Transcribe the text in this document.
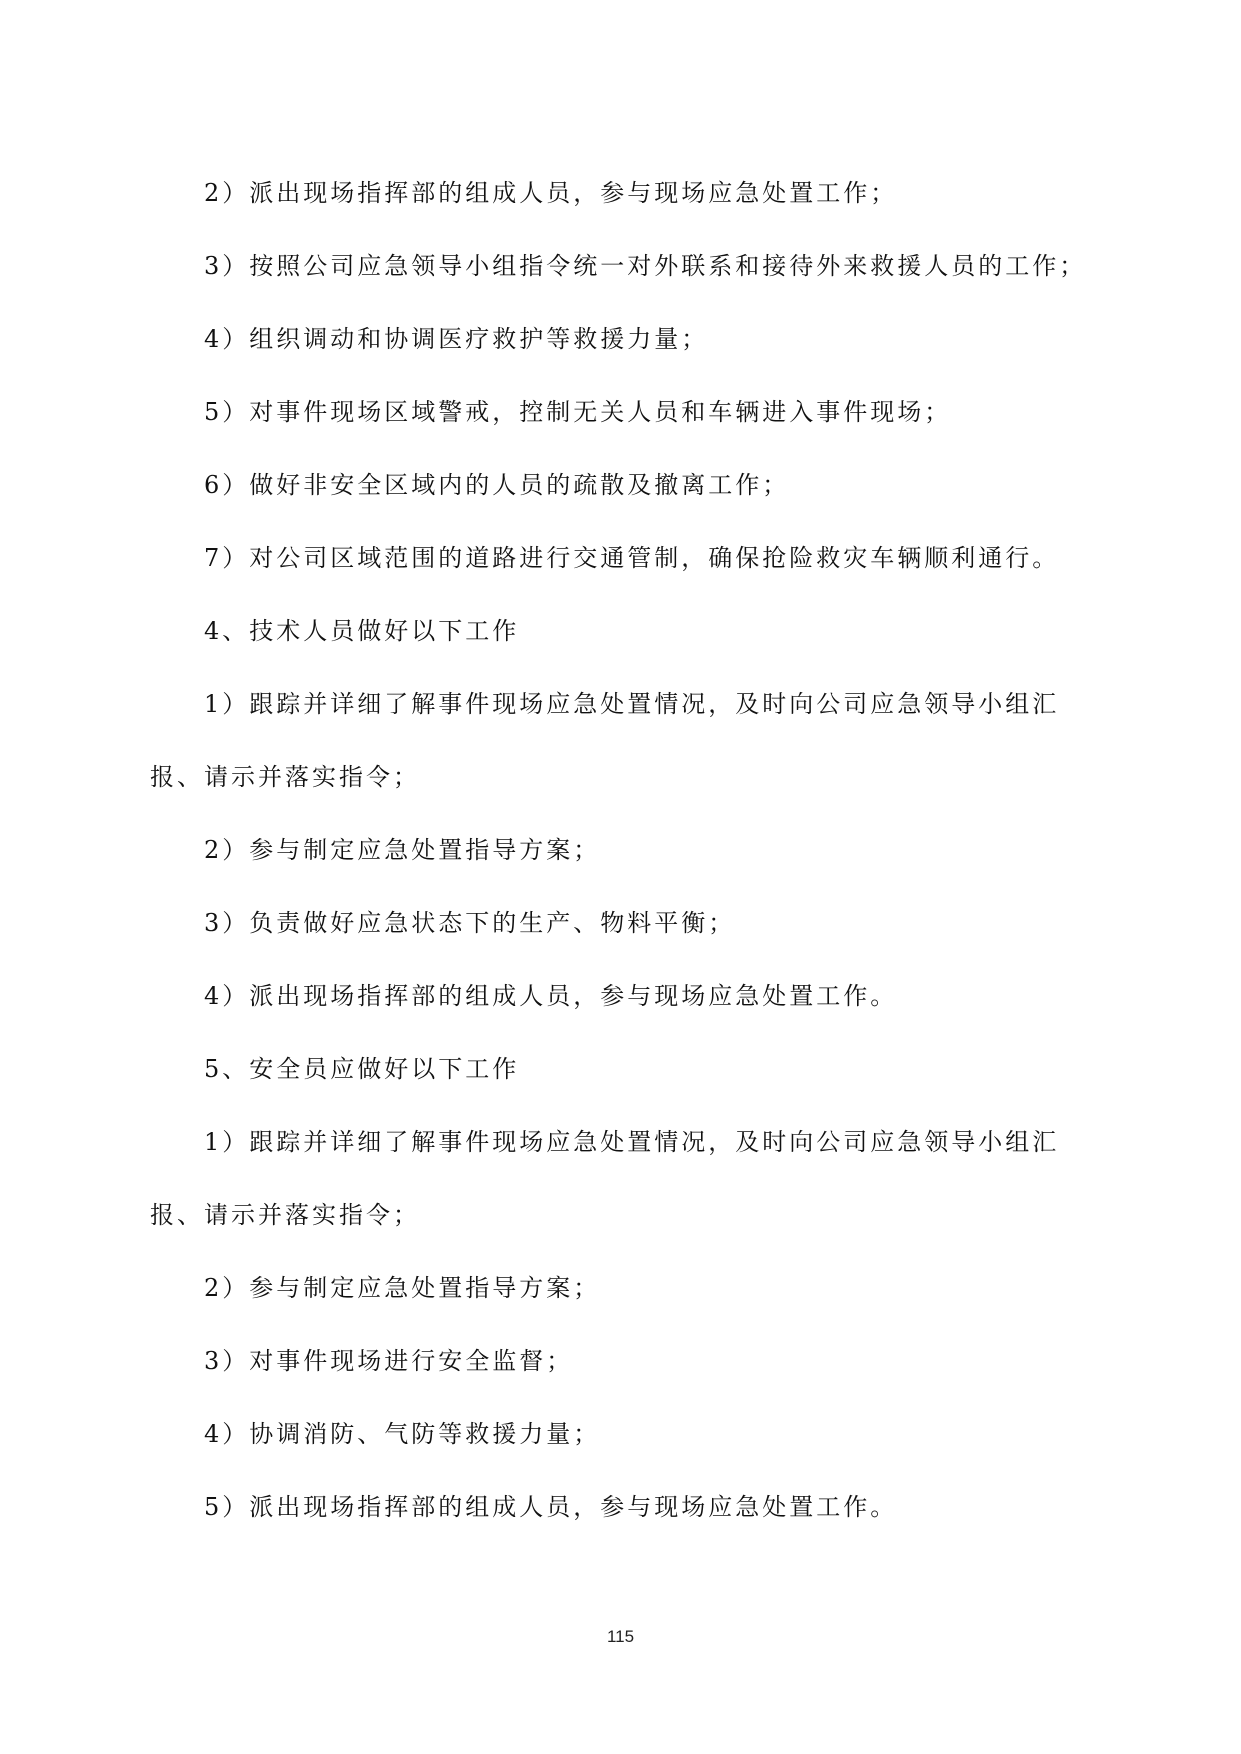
2）派出现场指挥部的组成人员，参与现场应急处置工作；
3）按照公司应急领导小组指令统一对外联系和接待外来救援人员的工作；
4）组织调动和协调医疗救护等救援力量；
5）对事件现场区域警戒，控制无关人员和车辆进入事件现场；
6）做好非安全区域内的人员的疏散及撤离工作；
7）对公司区域范围的道路进行交通管制，确保抢险救灾车辆顺利通行。
4、技术人员做好以下工作
1）跟踪并详细了解事件现场应急处置情况，及时向公司应急领导小组汇
报、请示并落实指令；
2）参与制定应急处置指导方案；
3）负责做好应急状态下的生产、物料平衡；
4）派出现场指挥部的组成人员，参与现场应急处置工作。
5、安全员应做好以下工作
1）跟踪并详细了解事件现场应急处置情况，及时向公司应急领导小组汇
报、请示并落实指令；
2）参与制定应急处置指导方案；
3）对事件现场进行安全监督；
4）协调消防、气防等救援力量；
5）派出现场指挥部的组成人员，参与现场应急处置工作。
115
